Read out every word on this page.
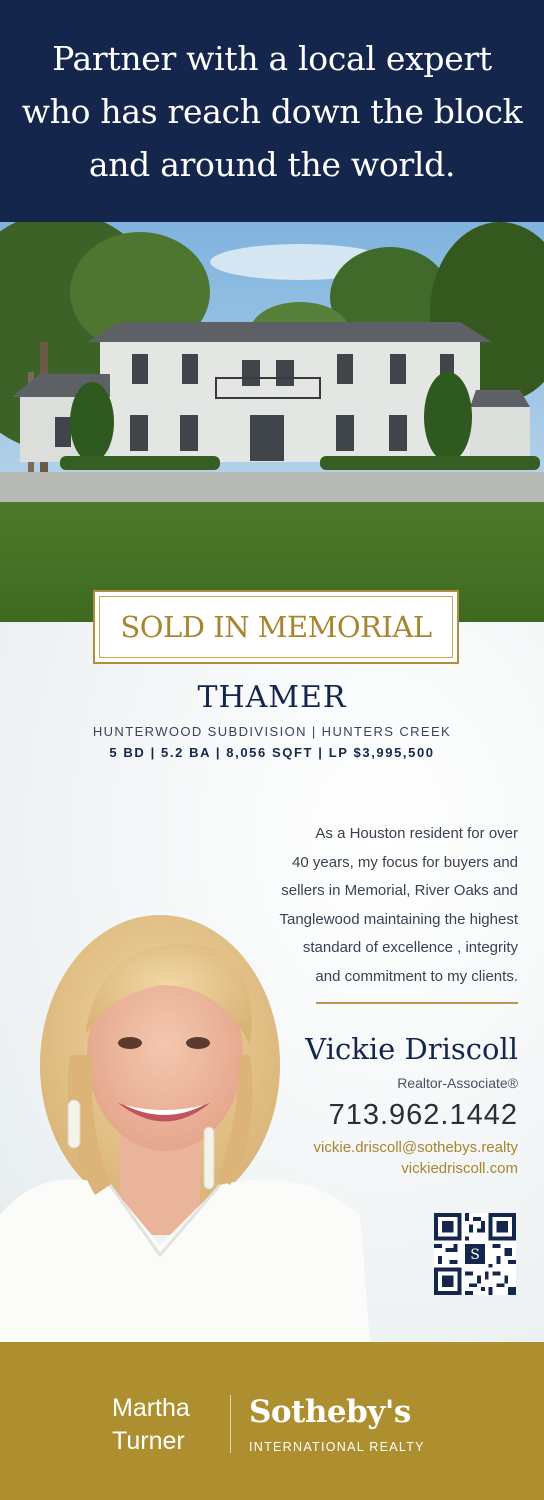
Partner with a local expert
who has reach down the block
and around the world.
SOLD IN MEMORIAL
THAMER
HUNTERWOOD SUBDIVISION | HUNTERS CREEK
5 BD | 5.2 BA | 8,056 SQFT | LP $3,995,500
As a Houston resident for over
40 years, my focus for buyers and
sellers in Memorial, River Oaks and
Tanglewood maintaining the highest
standard of excellence , integrity
and commitment to my clients.
Vickie Driscoll
Realtor-Associate®
713.962.1442
vickie.driscoll@sothebys.realty
vickiedriscoll.com
S
Martha
Turner
Sotheby's
INTERNATIONAL REALTY
